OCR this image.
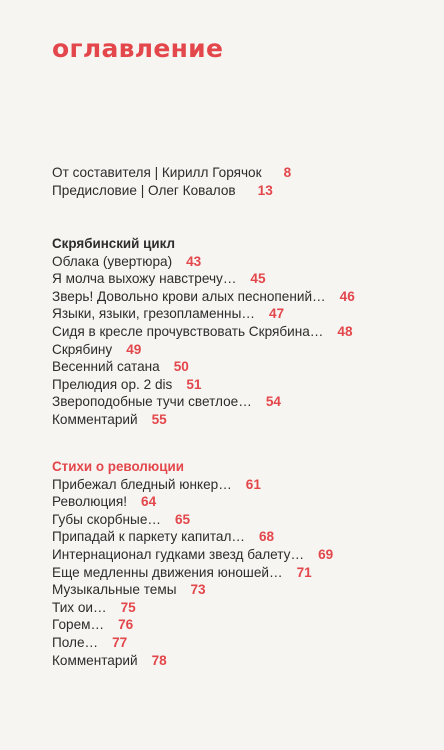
оглавление
От составителя | Кирилл Горячок 8
Предисловие | Олег Ковалов 13
Скрябинский цикл
Облака (увертюра) 43
Я молча выхожу навстречу… 45
Зверь! Довольно крови алых песнопений… 46
Языки, языки, грезопламенны… 47
Сидя в кресле прочувствовать Скрябина… 48
Скрябину 49
Весенний сатана 50
Прелюдия ор. 2 dis 51
Звероподобные тучи светлое… 54
Комментарий 55
Стихи о революции
Прибежал бледный юнкер… 61
Революция! 64
Губы скорбные… 65
Припадай к паркету капитал… 68
Интернационал гудками звезд балету… 69
Еще медленны движения юношей… 71
Музыкальные темы 73
Тих ои… 75
Горем… 76
Поле… 77
Комментарий 78
